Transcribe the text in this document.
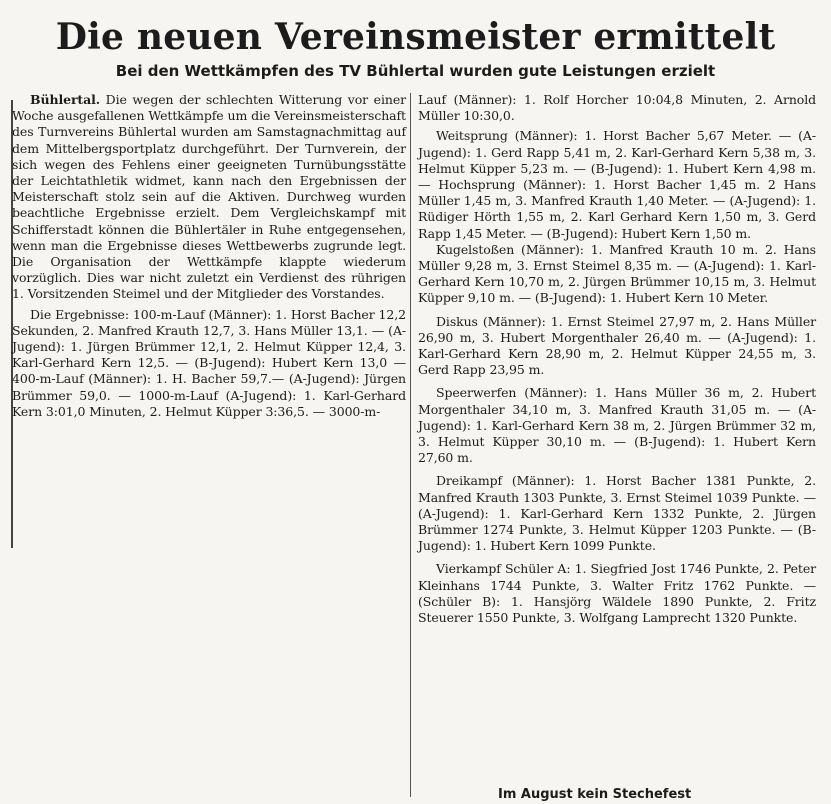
Die neuen Vereinsmeister ermittelt
Bei den Wettkämpfen des TV Bühlertal wurden gute Leistungen erzielt

Bühlertal. Die wegen der schlechten Witterung vor einer Woche ausgefallenen Wettkämpfe um die Vereinsmeisterschaft des Turnvereins Bühlertal wurden am Samstagnachmittag auf dem Mittelbergsportplatz durchgeführt. Der Turnverein, der sich wegen des Fehlens einer geeigneten Turnübungsstätte der Leichtathletik widmet, kann nach den Ergebnissen der Meisterschaft stolz sein auf die Aktiven. Durchweg wurden beachtliche Ergebnisse erzielt. Dem Vergleichskampf mit Schifferstadt können die Bühlertäler in Ruhe entgegensehen, wenn man die Ergebnisse dieses Wettbewerbs zugrunde legt. Die Organisation der Wettkämpfe klappte wiederum vorzüglich. Dies war nicht zuletzt ein Verdienst des rührigen 1. Vorsitzenden Steimel und der Mitglieder des Vorstandes.

Die Ergebnisse: 100-m-Lauf (Männer): 1. Horst Bacher 12,2 Sekunden, 2. Manfred Krauth 12,7, 3. Hans Müller 13,1. — (A-Jugend): 1. Jürgen Brümmer 12,1, 2. Helmut Küpper 12,4, 3. Karl-Gerhard Kern 12,5. — (B-Jugend): Hubert Kern 13,0 — 400-m-Lauf (Männer): 1. H. Bacher 59,7.— (A-Jugend): Jürgen Brümmer 59,0. — 1000-m-Lauf (A-Jugend): 1. Karl-Gerhard Kern 3:01,0 Minuten, 2. Helmut Küpper 3:36,5. — 3000-m-

Lauf (Männer): 1. Rolf Horcher 10:04,8 Minuten, 2. Arnold Müller 10:30,0.

Weitsprung (Männer): 1. Horst Bacher 5,67 Meter. — (A-Jugend): 1. Gerd Rapp 5,41 m, 2. Karl-Gerhard Kern 5,38 m, 3. Helmut Küpper 5,23 m. — (B-Jugend): 1. Hubert Kern 4,98 m. — Hochsprung (Männer): 1. Horst Bacher 1,45 m. 2 Hans Müller 1,45 m, 3. Manfred Krauth 1,40 Meter. — (A-Jugend): 1. Rüdiger Hörth 1,55 m, 2. Karl Gerhard Kern 1,50 m, 3. Gerd Rapp 1,45 Meter. — (B-Jugend): Hubert Kern 1,50 m.

Kugelstoßen (Männer): 1. Manfred Krauth 10 m. 2. Hans Müller 9,28 m, 3. Ernst Steimel 8,35 m. — (A-Jugend): 1. Karl-Gerhard Kern 10,70 m, 2. Jürgen Brümmer 10,15 m, 3. Helmut Küpper 9,10 m. — (B-Jugend): 1. Hubert Kern 10 Meter.

Diskus (Männer): 1. Ernst Steimel 27,97 m, 2. Hans Müller 26,90 m, 3. Hubert Morgenthaler 26,40 m. — (A-Jugend): 1. Karl-Gerhard Kern 28,90 m, 2. Helmut Küpper 24,55 m, 3. Gerd Rapp 23,95 m.

Speerwerfen (Männer): 1. Hans Müller 36 m, 2. Hubert Morgenthaler 34,10 m, 3. Manfred Krauth 31,05 m. — (A-Jugend): 1. Karl-Gerhard Kern 38 m, 2. Jürgen Brümmer 32 m, 3. Helmut Küpper 30,10 m. — (B-Jugend): 1. Hubert Kern 27,60 m.

Dreikampf (Männer): 1. Horst Bacher 1381 Punkte, 2. Manfred Krauth 1303 Punkte, 3. Ernst Steimel 1039 Punkte. — (A-Jugend): 1. Karl-Gerhard Kern 1332 Punkte, 2. Jürgen Brümmer 1274 Punkte, 3. Helmut Küpper 1203 Punkte. — (B-Jugend): 1. Hubert Kern 1099 Punkte.

Vierkampf Schüler A: 1. Siegfried Jost 1746 Punkte, 2. Peter Kleinhans 1744 Punkte, 3. Walter Fritz 1762 Punkte. — (Schüler B): 1. Hansjörg Wäldele 1890 Punkte, 2. Fritz Steuerer 1550 Punkte, 3. Wolfgang Lamprecht 1320 Punkte.

Im August kein Stechefest
